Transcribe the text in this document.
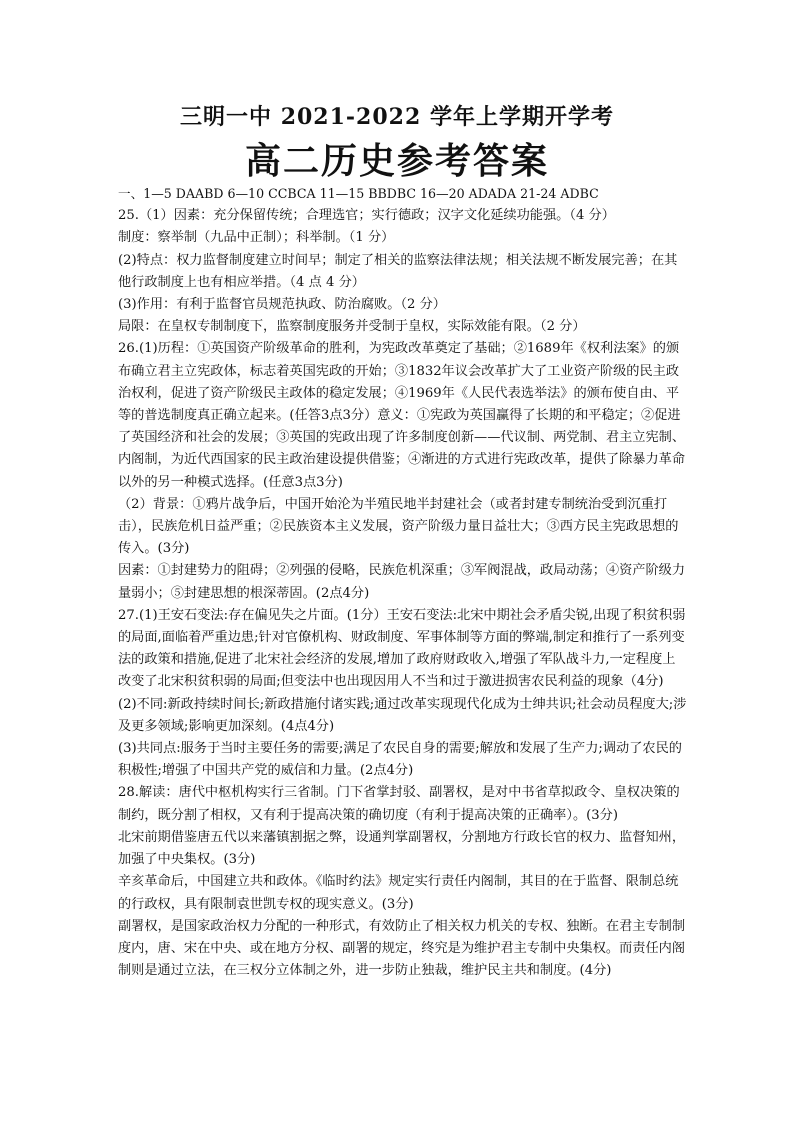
三明一中 2021-2022 学年上学期开学考
高二历史参考答案

一、1—5 DAABD 6—10 CCBCA 11—15 BBDBC 16—20 ADADA 21-24 ADBC

25.（1）因素：充分保留传统；合理选官；实行德政；汉字文化延续功能强。（4 分）

制度：察举制（九品中正制）；科举制。（1 分）

(2)特点：权力监督制度建立时间早；制定了相关的监察法律法规；相关法规不断发展完善；在其他行政制度上也有相应举措。（4 点 4 分）

(3)作用：有利于监督官员规范执政、防治腐败。（2 分）

局限：在皇权专制制度下，监察制度服务并受制于皇权，实际效能有限。（2 分）

26.(1)历程：①英国资产阶级革命的胜利，为宪政改革奠定了基础；②1689年《权利法案》的颁布确立君主立宪政体，标志着英国宪政的开始；③1832年议会改革扩大了工业资产阶级的民主政治权利，促进了资产阶级民主政体的稳定发展；④1969年《人民代表选举法》的颁布使自由、平等的普选制度真正确立起来。(任答3点3分）意义：①宪政为英国赢得了长期的和平稳定；②促进了英国经济和社会的发展；③英国的宪政出现了许多制度创新——代议制、两党制、君主立宪制、内阁制，为近代西国家的民主政治建设提供借鉴；④渐进的方式进行宪政改革，提供了除暴力革命以外的另一种模式选择。(任意3点3分)

（2）背景：①鸦片战争后，中国开始沦为半殖民地半封建社会（或者封建专制统治受到沉重打击），民族危机日益严重；②民族资本主义发展，资产阶级力量日益壮大；③西方民主宪政思想的传入。(3分)

因素：①封建势力的阻碍；②列强的侵略，民族危机深重；③军阀混战，政局动荡；④资产阶级力量弱小；⑤封建思想的根深蒂固。(2点4分)

27.(1)王安石变法:存在偏见失之片面。(1分）王安石变法:北宋中期社会矛盾尖锐,出现了积贫积弱的局面,面临着严重边患;针对官僚机构、财政制度、军事体制等方面的弊端,制定和推行了一系列变法的政策和措施,促进了北宋社会经济的发展,增加了政府财政收入,增强了军队战斗力,一定程度上改变了北宋积贫积弱的局面;但变法中也出现因用人不当和过于激进损害农民利益的现象（4分)

(2)不同:新政持续时间长;新政措施付诸实践;通过改革实现现代化成为士绅共识;社会动员程度大;涉及更多领域;影响更加深刻。(4点4分)

(3)共同点:服务于当时主要任务的需要;满足了农民自身的需要;解放和发展了生产力;调动了农民的积极性;增强了中国共产党的威信和力量。(2点4分)

28.解读：唐代中枢机构实行三省制。门下省掌封驳、副署权，是对中书省草拟政令、皇权决策的制约，既分割了相权，又有利于提高决策的确切度（有利于提高决策的正确率）。(3分)

北宋前期借鉴唐五代以来藩镇割据之弊，设通判掌副署权，分割地方行政长官的权力、监督知州，加强了中央集权。(3分)

辛亥革命后，中国建立共和政体。《临时约法》规定实行责任内阁制，其目的在于监督、限制总统的行政权，具有限制袁世凯专权的现实意义。(3分)

副署权，是国家政治权力分配的一种形式，有效防止了相关权力机关的专权、独断。在君主专制制度内，唐、宋在中央、或在地方分权、副署的规定，终究是为维护君主专制中央集权。而责任内阁制则是通过立法，在三权分立体制之外，进一步防止独裁，维护民主共和制度。(4分)
